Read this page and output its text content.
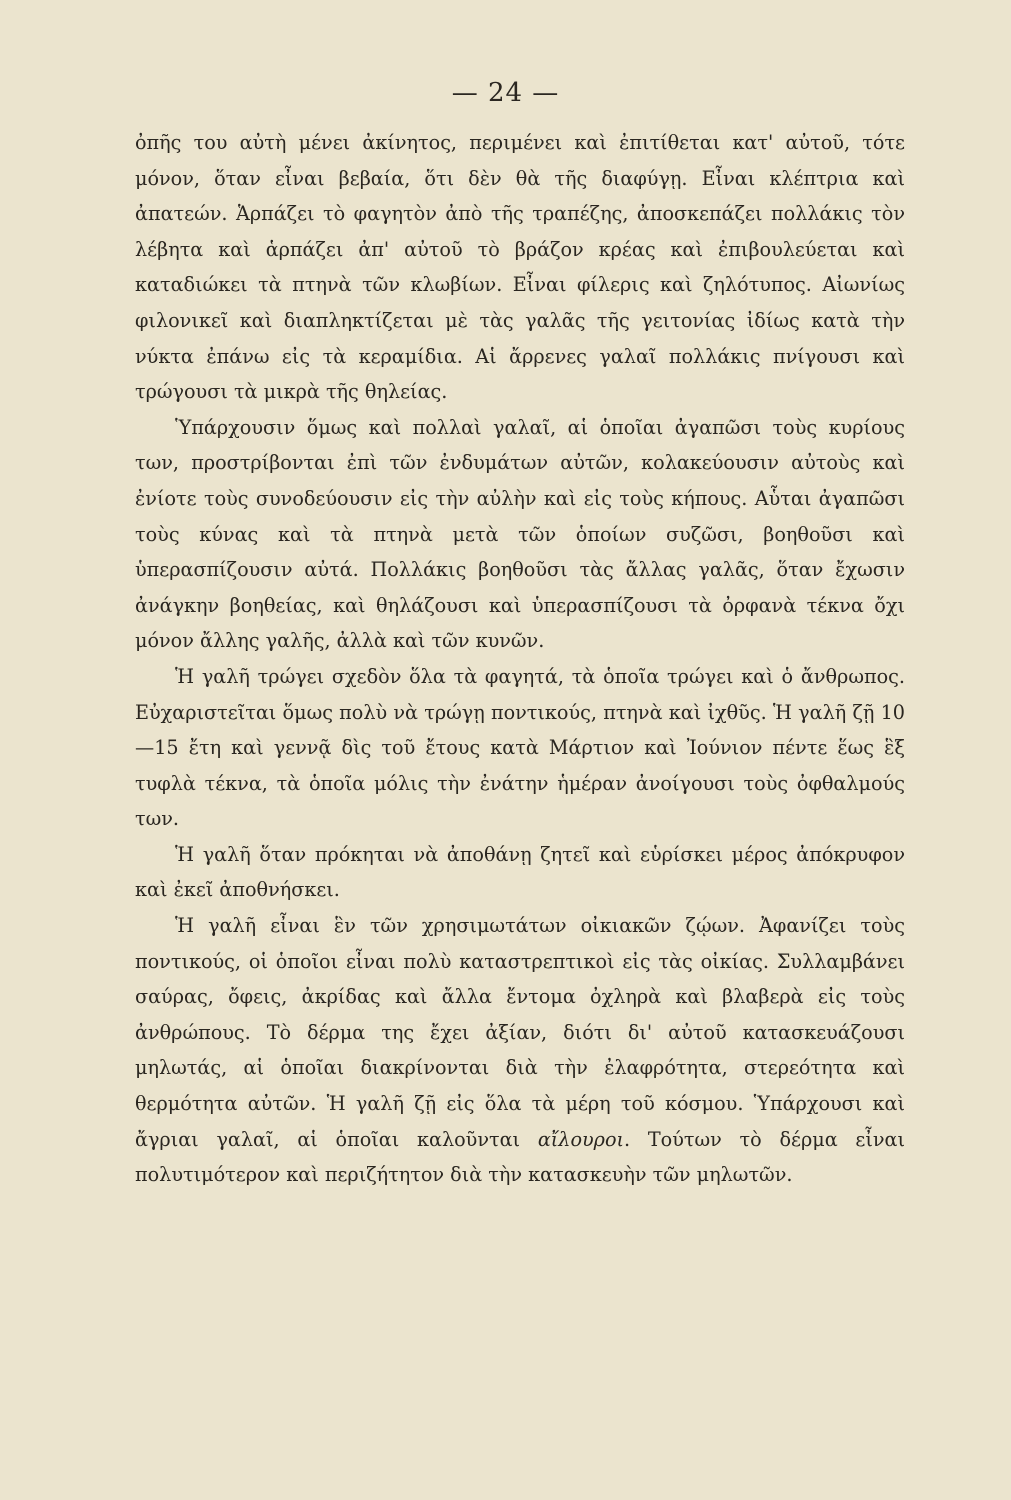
— 24 —

ὀπῆς του αὐτὴ μένει ἀκίνητος, περιμένει καὶ ἐπιτίθεται κατ' αὐτοῦ, τότε μόνον, ὅταν εἶναι βεβαία, ὅτι δὲν θὰ τῆς διαφύγῃ. Εἶναι κλέπτρια καὶ ἀπατεών. Ἁρπάζει τὸ φαγητὸν ἀπὸ τῆς τραπέζης, ἀποσκεπάζει πολλάκις τὸν λέβητα καὶ ἁρπάζει ἀπ' αὐτοῦ τὸ βράζον κρέας καὶ ἐπιβουλεύεται καὶ καταδιώκει τὰ πτηνὰ τῶν κλωβίων. Εἶναι φίλερις καὶ ζηλότυπος. Αἰωνίως φιλονικεῖ καὶ διαπληκτίζεται μὲ τὰς γαλᾶς τῆς γειτονίας ἰδίως κατὰ τὴν νύκτα ἐπάνω εἰς τὰ κεραμίδια. Αἱ ἄρρενες γαλαῖ πολλάκις πνίγουσι καὶ τρώγουσι τὰ μικρὰ τῆς θηλείας.

Ὑπάρχουσιν ὅμως καὶ πολλαὶ γαλαῖ, αἱ ὁποῖαι ἀγαπῶσι τοὺς κυρίους των, προστρίβονται ἐπὶ τῶν ἐνδυμάτων αὐτῶν, κολακεύουσιν αὐτοὺς καὶ ἐνίοτε τοὺς συνοδεύουσιν εἰς τὴν αὐλὴν καὶ εἰς τοὺς κήπους. Αὗται ἀγαπῶσι τοὺς κύνας καὶ τὰ πτηνὰ μετὰ τῶν ὁποίων συζῶσι, βοηθοῦσι καὶ ὑπερασπίζουσιν αὐτά. Πολλάκις βοηθοῦσι τὰς ἄλλας γαλᾶς, ὅταν ἔχωσιν ἀνάγκην βοηθείας, καὶ θηλάζουσι καὶ ὑπερασπίζουσι τὰ ὀρφανὰ τέκνα ὄχι μόνον ἄλλης γαλῆς, ἀλλὰ καὶ τῶν κυνῶν.

Ἡ γαλῆ τρώγει σχεδὸν ὅλα τὰ φαγητά, τὰ ὁποῖα τρώγει καὶ ὁ ἄνθρωπος. Εὐχαριστεῖται ὅμως πολὺ νὰ τρώγῃ ποντικούς, πτηνὰ καὶ ἰχθῦς. Ἡ γαλῆ ζῇ 10—15 ἔτη καὶ γεννᾷ δὶς τοῦ ἔτους κατὰ Μάρτιον καὶ Ἰούνιον πέντε ἕως ἓξ τυφλὰ τέκνα, τὰ ὁποῖα μόλις τὴν ἐνάτην ἡμέραν ἀνοίγουσι τοὺς ὀφθαλμούς των.

Ἡ γαλῆ ὅταν πρόκηται νὰ ἀποθάνῃ ζητεῖ καὶ εὑρίσκει μέρος ἀπόκρυφον καὶ ἐκεῖ ἀποθνήσκει.

Ἡ γαλῆ εἶναι ἓν τῶν χρησιμωτάτων οἰκιακῶν ζῴων. Ἀφανίζει τοὺς ποντικούς, οἱ ὁποῖοι εἶναι πολὺ καταστρεπτικοὶ εἰς τὰς οἰκίας. Συλλαμβάνει σαύρας, ὄφεις, ἀκρίδας καὶ ἄλλα ἔντομα ὀχληρὰ καὶ βλαβερὰ εἰς τοὺς ἀνθρώπους. Τὸ δέρμα της ἔχει ἀξίαν, διότι δι' αὐτοῦ κατασκευάζουσι μηλωτάς, αἱ ὁποῖαι διακρίνονται διὰ τὴν ἐλαφρότητα, στερεότητα καὶ θερμότητα αὐτῶν. Ἡ γαλῆ ζῇ εἰς ὅλα τὰ μέρη τοῦ κόσμου. Ὑπάρχουσι καὶ ἄγριαι γαλαῖ, αἱ ὁποῖαι καλοῦνται αἴλουροι. Τούτων τὸ δέρμα εἶναι πολυτιμότερον καὶ περιζήτητον διὰ τὴν κατασκευὴν τῶν μηλωτῶν.
